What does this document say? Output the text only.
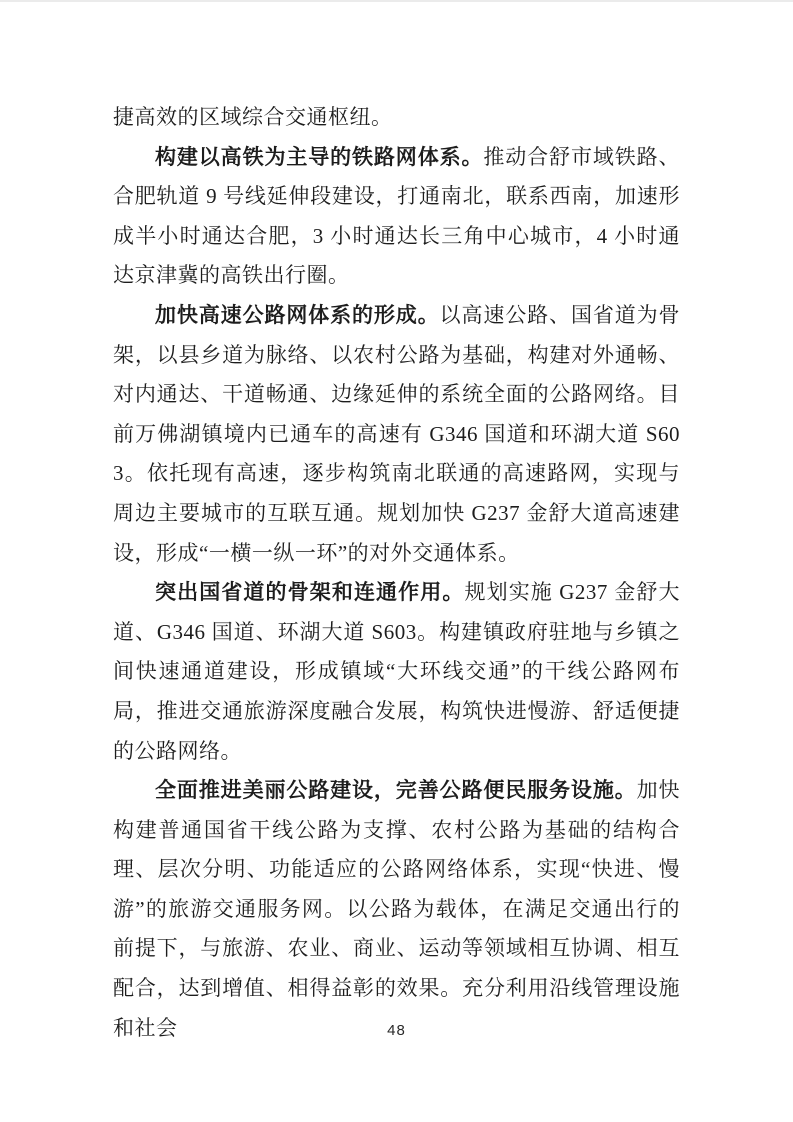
捷高效的区域综合交通枢纽。

构建以高铁为主导的铁路网体系。推动合舒市域铁路、合肥轨道 9 号线延伸段建设，打通南北，联系西南，加速形成半小时通达合肥，3 小时通达长三角中心城市，4 小时通达京津冀的高铁出行圈。

加快高速公路网体系的形成。以高速公路、国省道为骨架，以县乡道为脉络、以农村公路为基础，构建对外通畅、对内通达、干道畅通、边缘延伸的系统全面的公路网络。目前万佛湖镇境内已通车的高速有 G346 国道和环湖大道 S603。依托现有高速，逐步构筑南北联通的高速路网，实现与周边主要城市的互联互通。规划加快 G237 金舒大道高速建设，形成“一横一纵一环”的对外交通体系。

突出国省道的骨架和连通作用。规划实施 G237 金舒大道、G346 国道、环湖大道 S603。构建镇政府驻地与乡镇之间快速通道建设，形成镇域“大环线交通”的干线公路网布局，推进交通旅游深度融合发展，构筑快进慢游、舒适便捷的公路网络。

全面推进美丽公路建设，完善公路便民服务设施。加快构建普通国省干线公路为支撑、农村公路为基础的结构合理、层次分明、功能适应的公路网络体系，实现“快进、慢游”的旅游交通服务网。以公路为载体，在满足交通出行的前提下，与旅游、农业、商业、运动等领域相互协调、相互配合，达到增值、相得益彰的效果。充分利用沿线管理设施和社会	48
